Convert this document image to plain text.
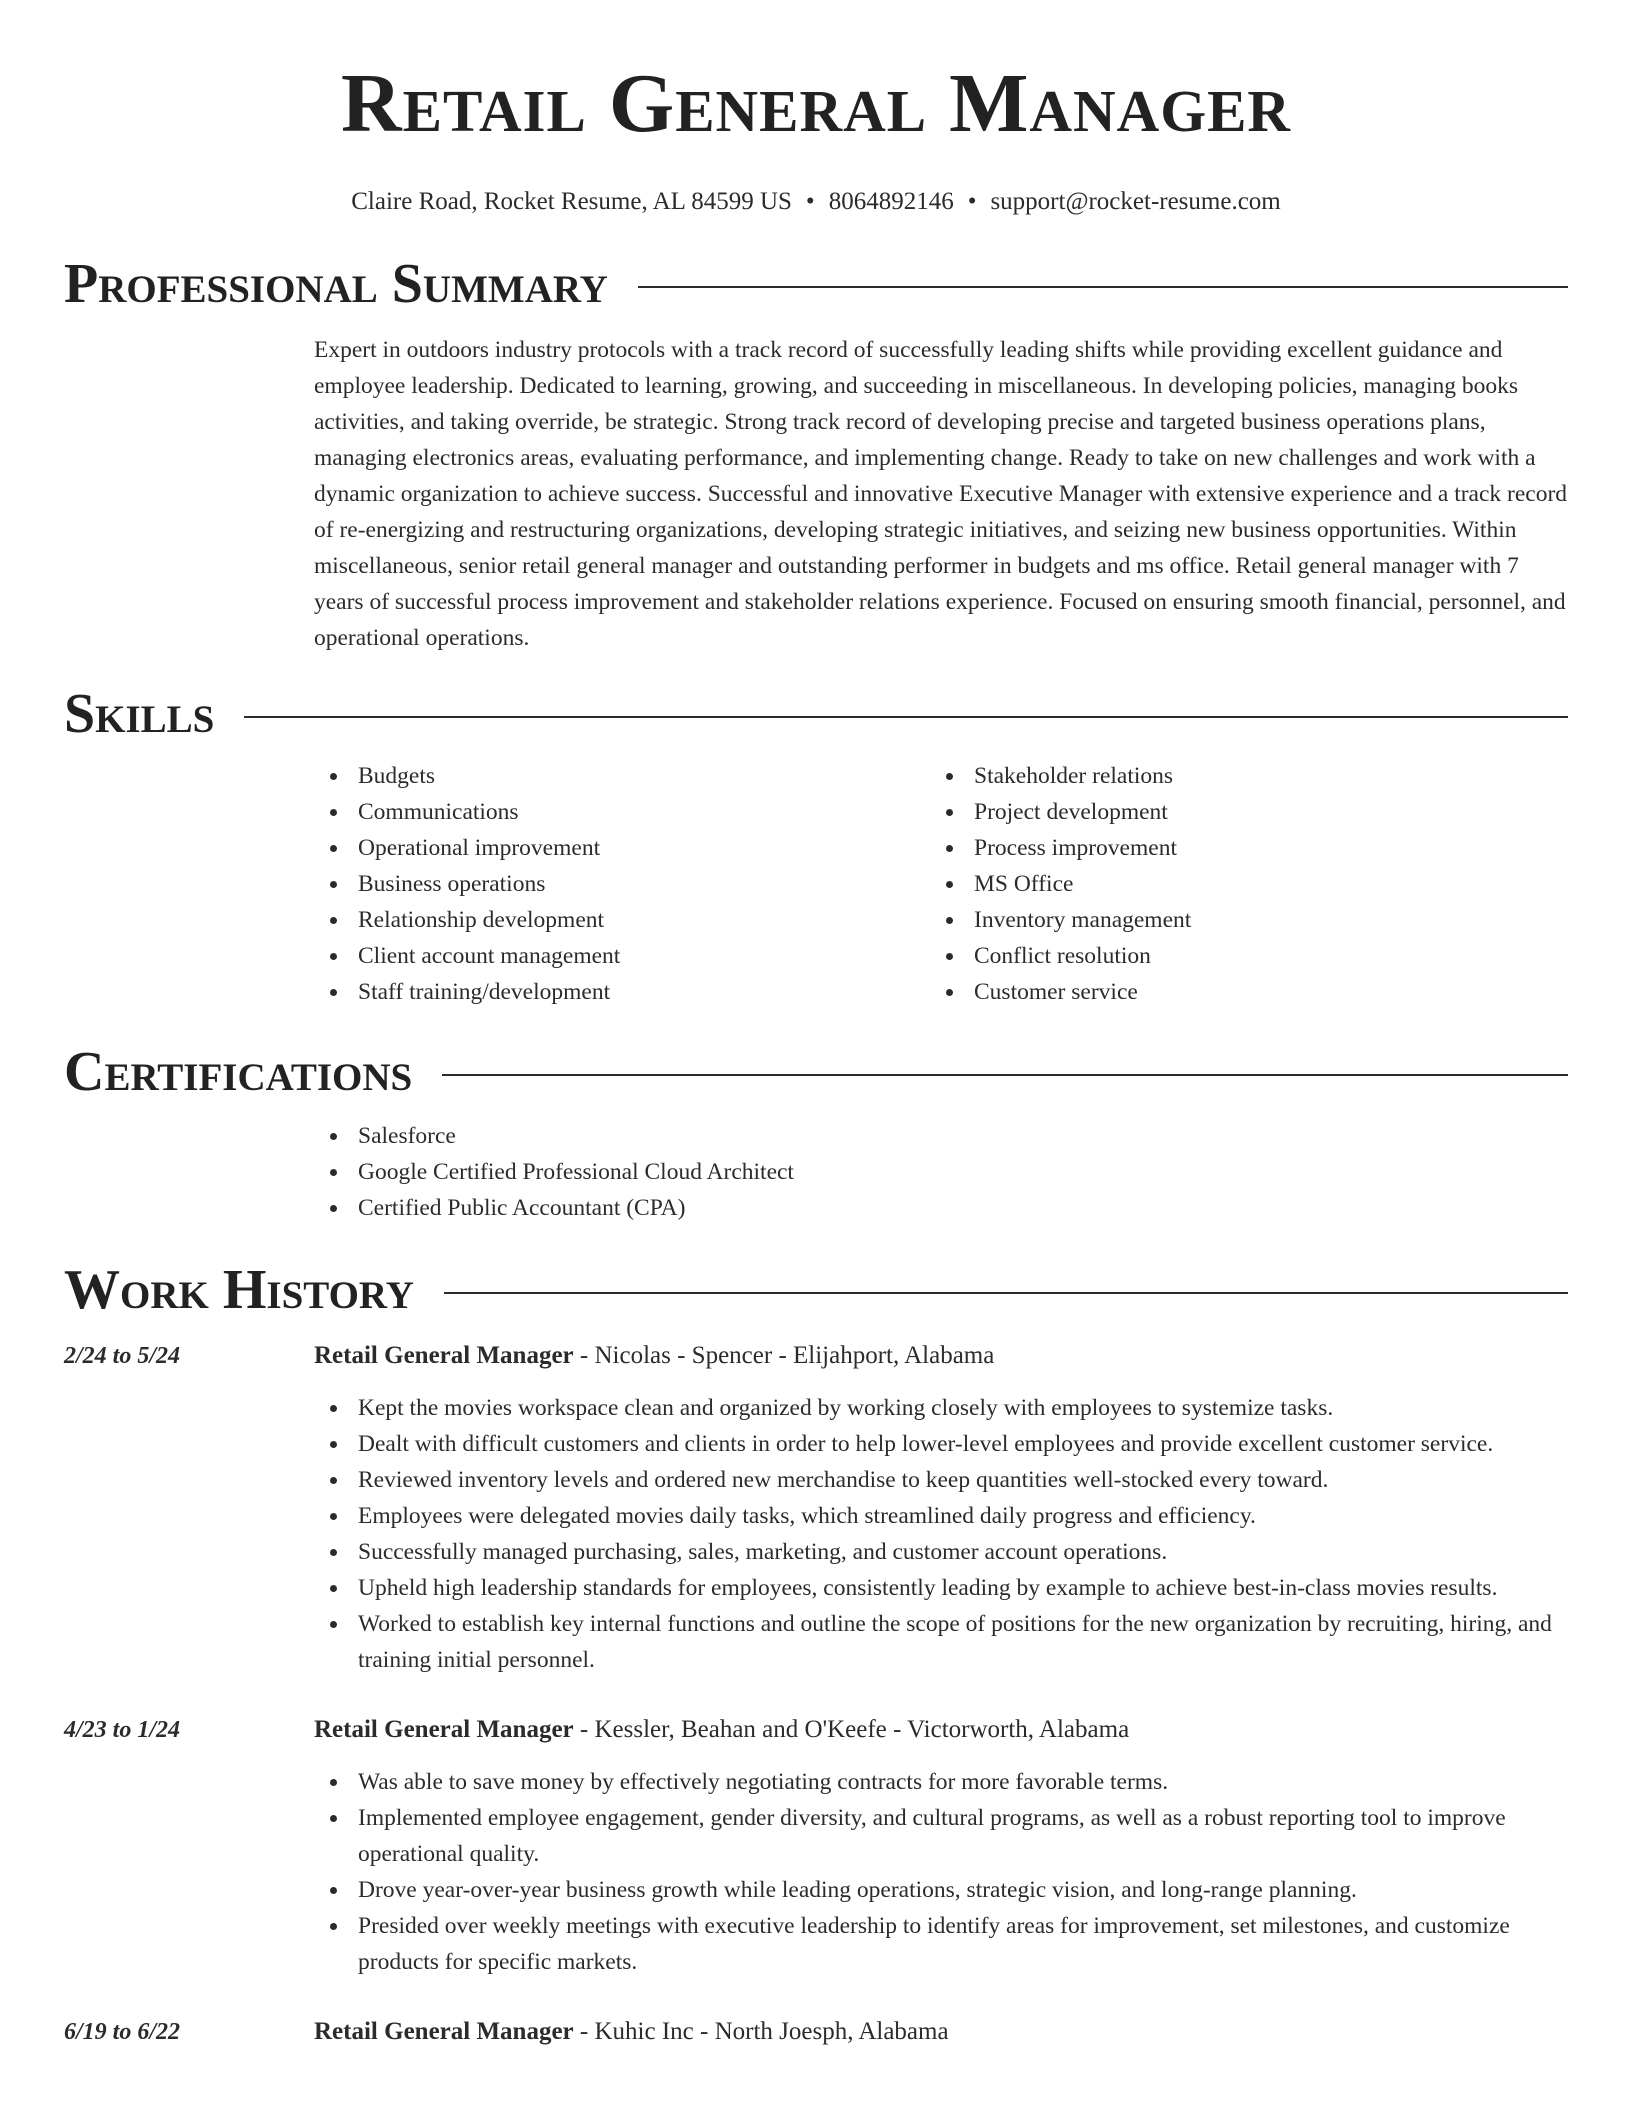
Retail General Manager
Claire Road, Rocket Resume, AL 84599 US • 8064892146 • support@rocket-resume.com
Professional Summary

Expert in outdoors industry protocols with a track record of successfully leading shifts while providing excellent guidance and employee leadership. Dedicated to learning, growing, and succeeding in miscellaneous. In developing policies, managing books activities, and taking override, be strategic. Strong track record of developing precise and targeted business operations plans, managing electronics areas, evaluating performance, and implementing change. Ready to take on new challenges and work with a dynamic organization to achieve success. Successful and innovative Executive Manager with extensive experience and a track record of re-energizing and restructuring organizations, developing strategic initiatives, and seizing new business opportunities. Within miscellaneous, senior retail general manager and outstanding performer in budgets and ms office. Retail general manager with 7 years of successful process improvement and stakeholder relations experience. Focused on ensuring smooth financial, personnel, and operational operations.

Skills
Budgets
Communications
Operational improvement
Business operations
Relationship development
Client account management
Staff training/development
Stakeholder relations
Project development
Process improvement
MS Office
Inventory management
Conflict resolution
Customer service
Certifications
Salesforce
Google Certified Professional Cloud Architect
Certified Public Accountant (CPA)
Work History
2/24 to 5/24	Retail General Manager - Nicolas - Spencer - Elijahport, Alabama
Kept the movies workspace clean and organized by working closely with employees to systemize tasks.
Dealt with difficult customers and clients in order to help lower-level employees and provide excellent customer service.
Reviewed inventory levels and ordered new merchandise to keep quantities well-stocked every toward.
Employees were delegated movies daily tasks, which streamlined daily progress and efficiency.
Successfully managed purchasing, sales, marketing, and customer account operations.
Upheld high leadership standards for employees, consistently leading by example to achieve best-in-class movies results.
Worked to establish key internal functions and outline the scope of positions for the new organization by recruiting, hiring, and training initial personnel.
4/23 to 1/24	Retail General Manager - Kessler, Beahan and O'Keefe - Victorworth, Alabama
Was able to save money by effectively negotiating contracts for more favorable terms.
Implemented employee engagement, gender diversity, and cultural programs, as well as a robust reporting tool to improve operational quality.
Drove year-over-year business growth while leading operations, strategic vision, and long-range planning.
Presided over weekly meetings with executive leadership to identify areas for improvement, set milestones, and customize products for specific markets.
6/19 to 6/22	Retail General Manager - Kuhic Inc - North Joesph, Alabama
